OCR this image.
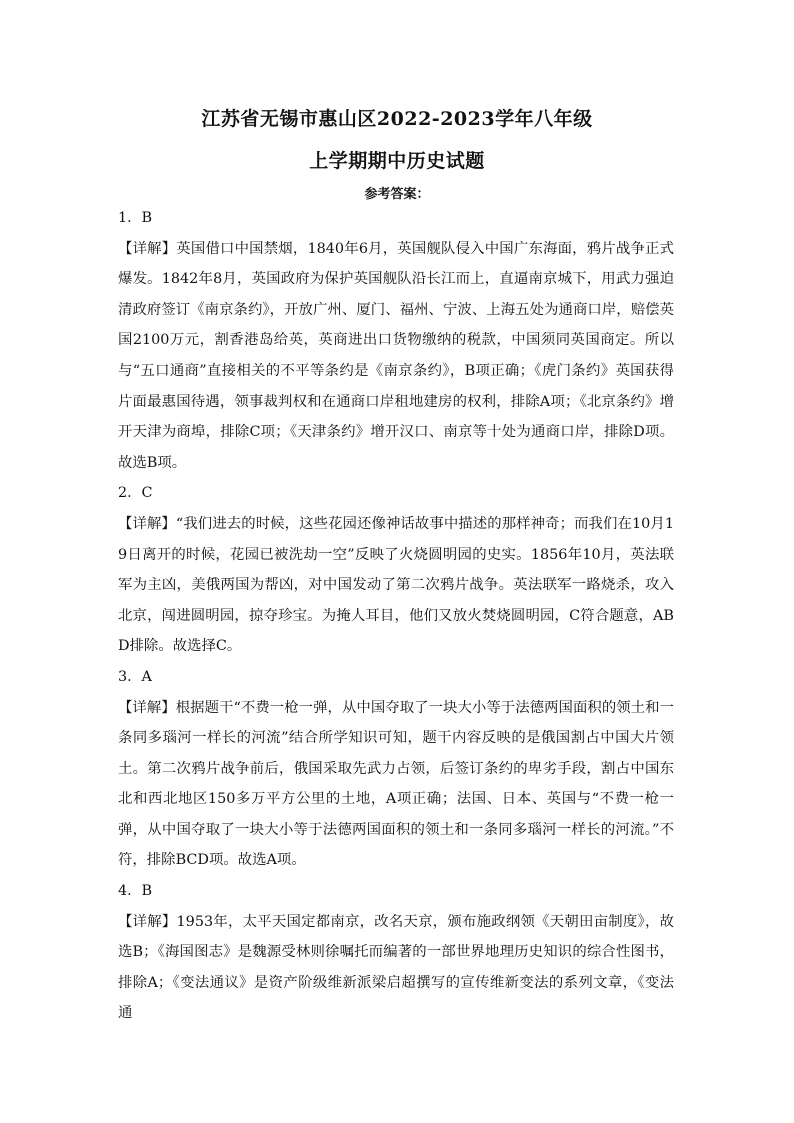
江苏省无锡市惠山区2022-2023学年八年级
上学期期中历史试题
参考答案：

1．B

【详解】英国借口中国禁烟，1840年6月，英国舰队侵入中国广东海面，鸦片战争正式爆发。1842年8月，英国政府为保护英国舰队沿长江而上，直逼南京城下，用武力强迫清政府签订《南京条约》，开放广州、厦门、福州、宁波、上海五处为通商口岸，赔偿英国2100万元，割香港岛给英，英商进出口货物缴纳的税款，中国须同英国商定。所以与“五口通商”直接相关的不平等条约是《南京条约》，B项正确；《虎门条约》英国获得片面最惠国待遇，领事裁判权和在通商口岸租地建房的权利，排除A项；《北京条约》增开天津为商埠，排除C项；《天津条约》增开汉口、南京等十处为通商口岸，排除D项。故选B项。

2．C

【详解】“我们进去的时候，这些花园还像神话故事中描述的那样神奇；而我们在10月19日离开的时候，花园已被洗劫一空”反映了火烧圆明园的史实。1856年10月，英法联军为主凶，美俄两国为帮凶，对中国发动了第二次鸦片战争。英法联军一路烧杀，攻入北京，闯进圆明园，掠夺珍宝。为掩人耳目，他们又放火焚烧圆明园，C符合题意，ABD排除。故选择C。

3．A

【详解】根据题干“不费一枪一弹，从中国夺取了一块大小等于法德两国面积的领土和一条同多瑙河一样长的河流”结合所学知识可知，题干内容反映的是俄国割占中国大片领土。第二次鸦片战争前后，俄国采取先武力占领，后签订条约的卑劣手段，割占中国东北和西北地区150多万平方公里的土地，A项正确；法国、日本、英国与“不费一枪一弹，从中国夺取了一块大小等于法德两国面积的领土和一条同多瑙河一样长的河流。”不符，排除BCD项。故选A项。

4．B

【详解】1953年，太平天国定都南京，改名天京，颁布施政纲领《天朝田亩制度》，故选B；《海国图志》是魏源受林则徐嘱托而编著的一部世界地理历史知识的综合性图书，排除A；《变法通议》是资产阶级维新派梁启超撰写的宣传维新变法的系列文章，《变法通
